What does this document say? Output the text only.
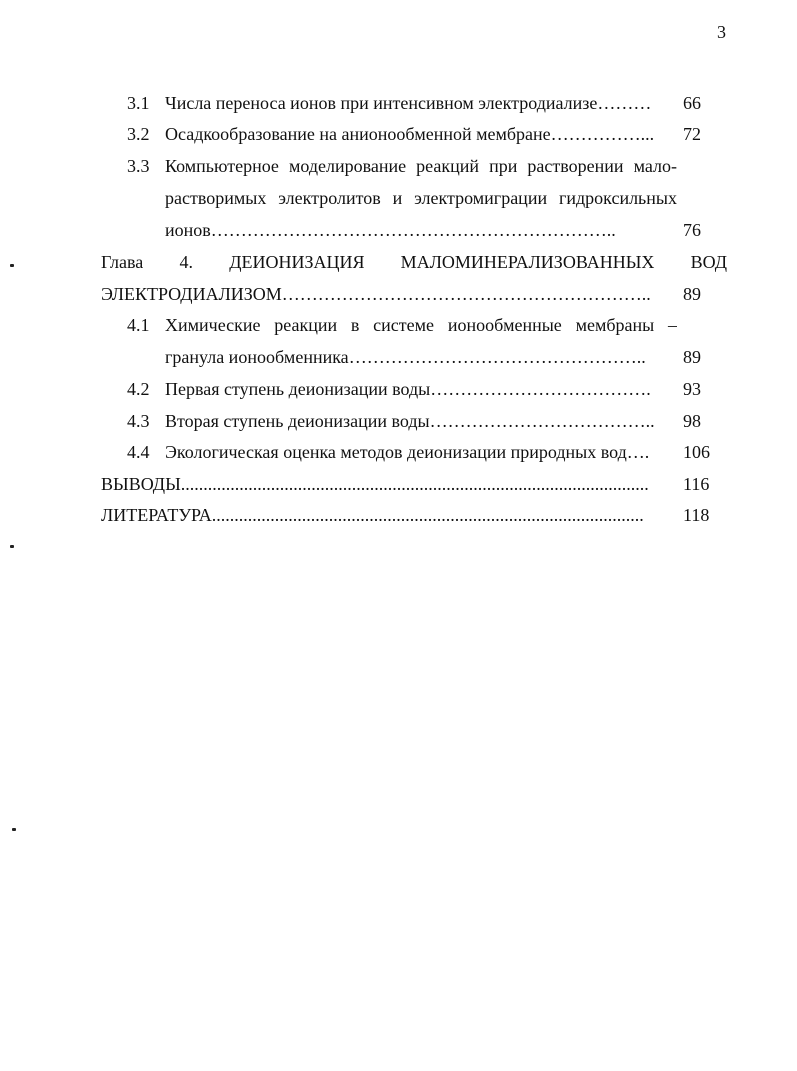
3
3.1 Числа переноса ионов при интенсивном электродиализе………	66
3.2 Осадкообразование на анионообменной мембране……………...	72
3.3 Компьютерное моделирование реакций при растворении мало-
растворимых электролитов и электромиграции гидроксильных
ионов…………………………………………………………..	76
Глава 4. ДЕИОНИЗАЦИЯ МАЛОМИНЕРАЛИЗОВАННЫХ ВОД
ЭЛЕКТРОДИАЛИЗОМ……………………………………………………..	89
4.1 Химические реакции в системе ионообменные мембраны –
гранула ионообменника…………………………………………..	89
4.2 Первая ступень деионизации воды……………………………….	93
4.3 Вторая ступень деионизации воды………………………………..	98
4.4 Экологическая оценка методов деионизации природных вод….	106
ВЫВОДЫ........................................................................................................	116
ЛИТЕРАТУРА................................................................................................	118
